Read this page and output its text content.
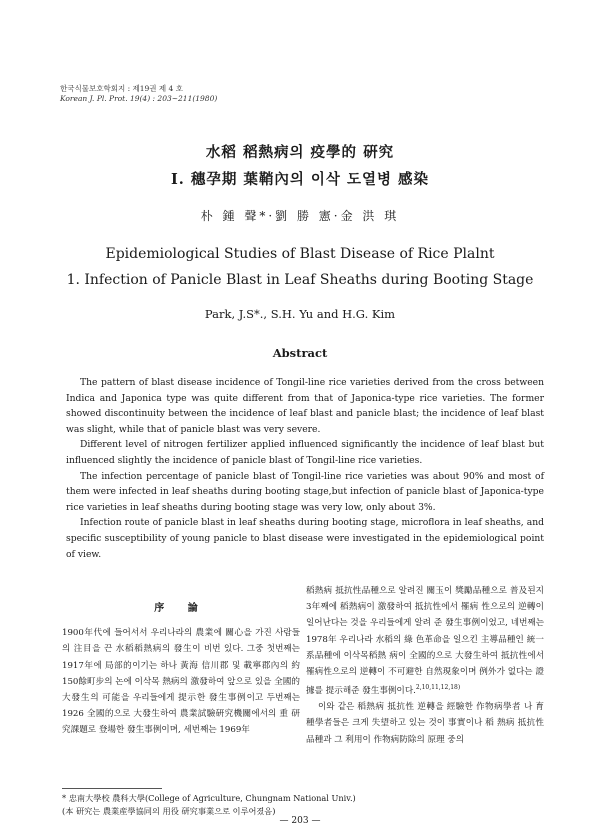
한국식물보호학회지 : 제19권 제 4 호
Korean J. Pl. Prot. 19(4) : 203~211(1980)
水稻 稻熱病의 疫學的 硏究
I. 穗孕期 葉鞘內의 이삭 도열병 感染
朴 鍾 聲*·劉 勝 憲·金 洪 琪
Epidemiological Studies of Blast Disease of Rice Plalnt
1. Infection of Panicle Blast in Leaf Sheaths during Booting Stage
Park, J.S*., S.H. Yu and H.G. Kim
Abstract

The pattern of blast disease incidence of Tongil-line rice varieties derived from the cross between Indica and Japonica type was quite different from that of Japonica-type rice varieties. The former showed discontinuity between the incidence of leaf blast and panicle blast; the incidence of leaf blast was slight, while that of panicle blast was very severe.

Different level of nitrogen fertilizer applied influenced significantly the incidence of leaf blast but influenced slightly the incidence of panicle blast of Tongil-line rice varieties.

The infection percentage of panicle blast of Tongil-line rice varieties was about 90% and most of them were infected in leaf sheaths during booting stage,but infection of panicle blast of Japonica-type rice varieties in leaf sheaths during booting stage was very low, only about 3%.

Infection route of panicle blast in leaf sheaths during booting stage, microflora in leaf sheaths, and specific susceptibility of young panicle to blast disease were investigated in the epidemiological point of view.

序 論

1900年代에 들어서서 우리나라의 農業에 關心을 가진 사람들의 注目을 끈 水稻稻熱病의 發生이 비번 있다. 그중 첫번째는 1917年에 局部的이기는 하나 黃海 信川郡 및 載寧郡內의 約 150餘町步의 논에 이삭목 熱病의 激發하여 앞으로 있을 全國的 大發生의 可能을 우리들에게 提示한 發生事例이고 두번째는 1926 全國的으로 大發生하여 農業試驗硏究機關에서의 重 研究課題로 登場한 發生事例이며, 세번째는 1969年

稻熱病 抵抗性品種으로 알려진 關玉이 獎勵品種으로 普及된지 3年째에 稻熱病이 激發하여 抵抗性에서 罹病 性으로의 逆轉이 일어난다는 것을 우리들에게 알려 준 發生事例이었고, 네번째는 1978年 우리나라 水稻의 綠 色革命을 일으킨 主導品種인 統一系品種에 이삭목稻熱 病이 全國的으로 大發生하여 抵抗性에서 罹病性으로의 逆轉이 不可避한 自然現象이며 例外가 없다는 證據를 提示해준 發生事例이다.$^{2,10,11,12,18)}$

이와 같은 稻熱病 抵抗性 逆轉을 經驗한 作物病學者 나 育種學者들은 크게 失望하고 있는 것이 事實이나 稻 熱病 抵抗性品種과 그 利用이 作物病防除의 原理 중의

* 忠南大學校 農科大學(College of Agriculture, Chungnam National Univ.)
(本 研究는 農業産學協同의 用役 研究事業으로 이루어졌음)
— 203 —
